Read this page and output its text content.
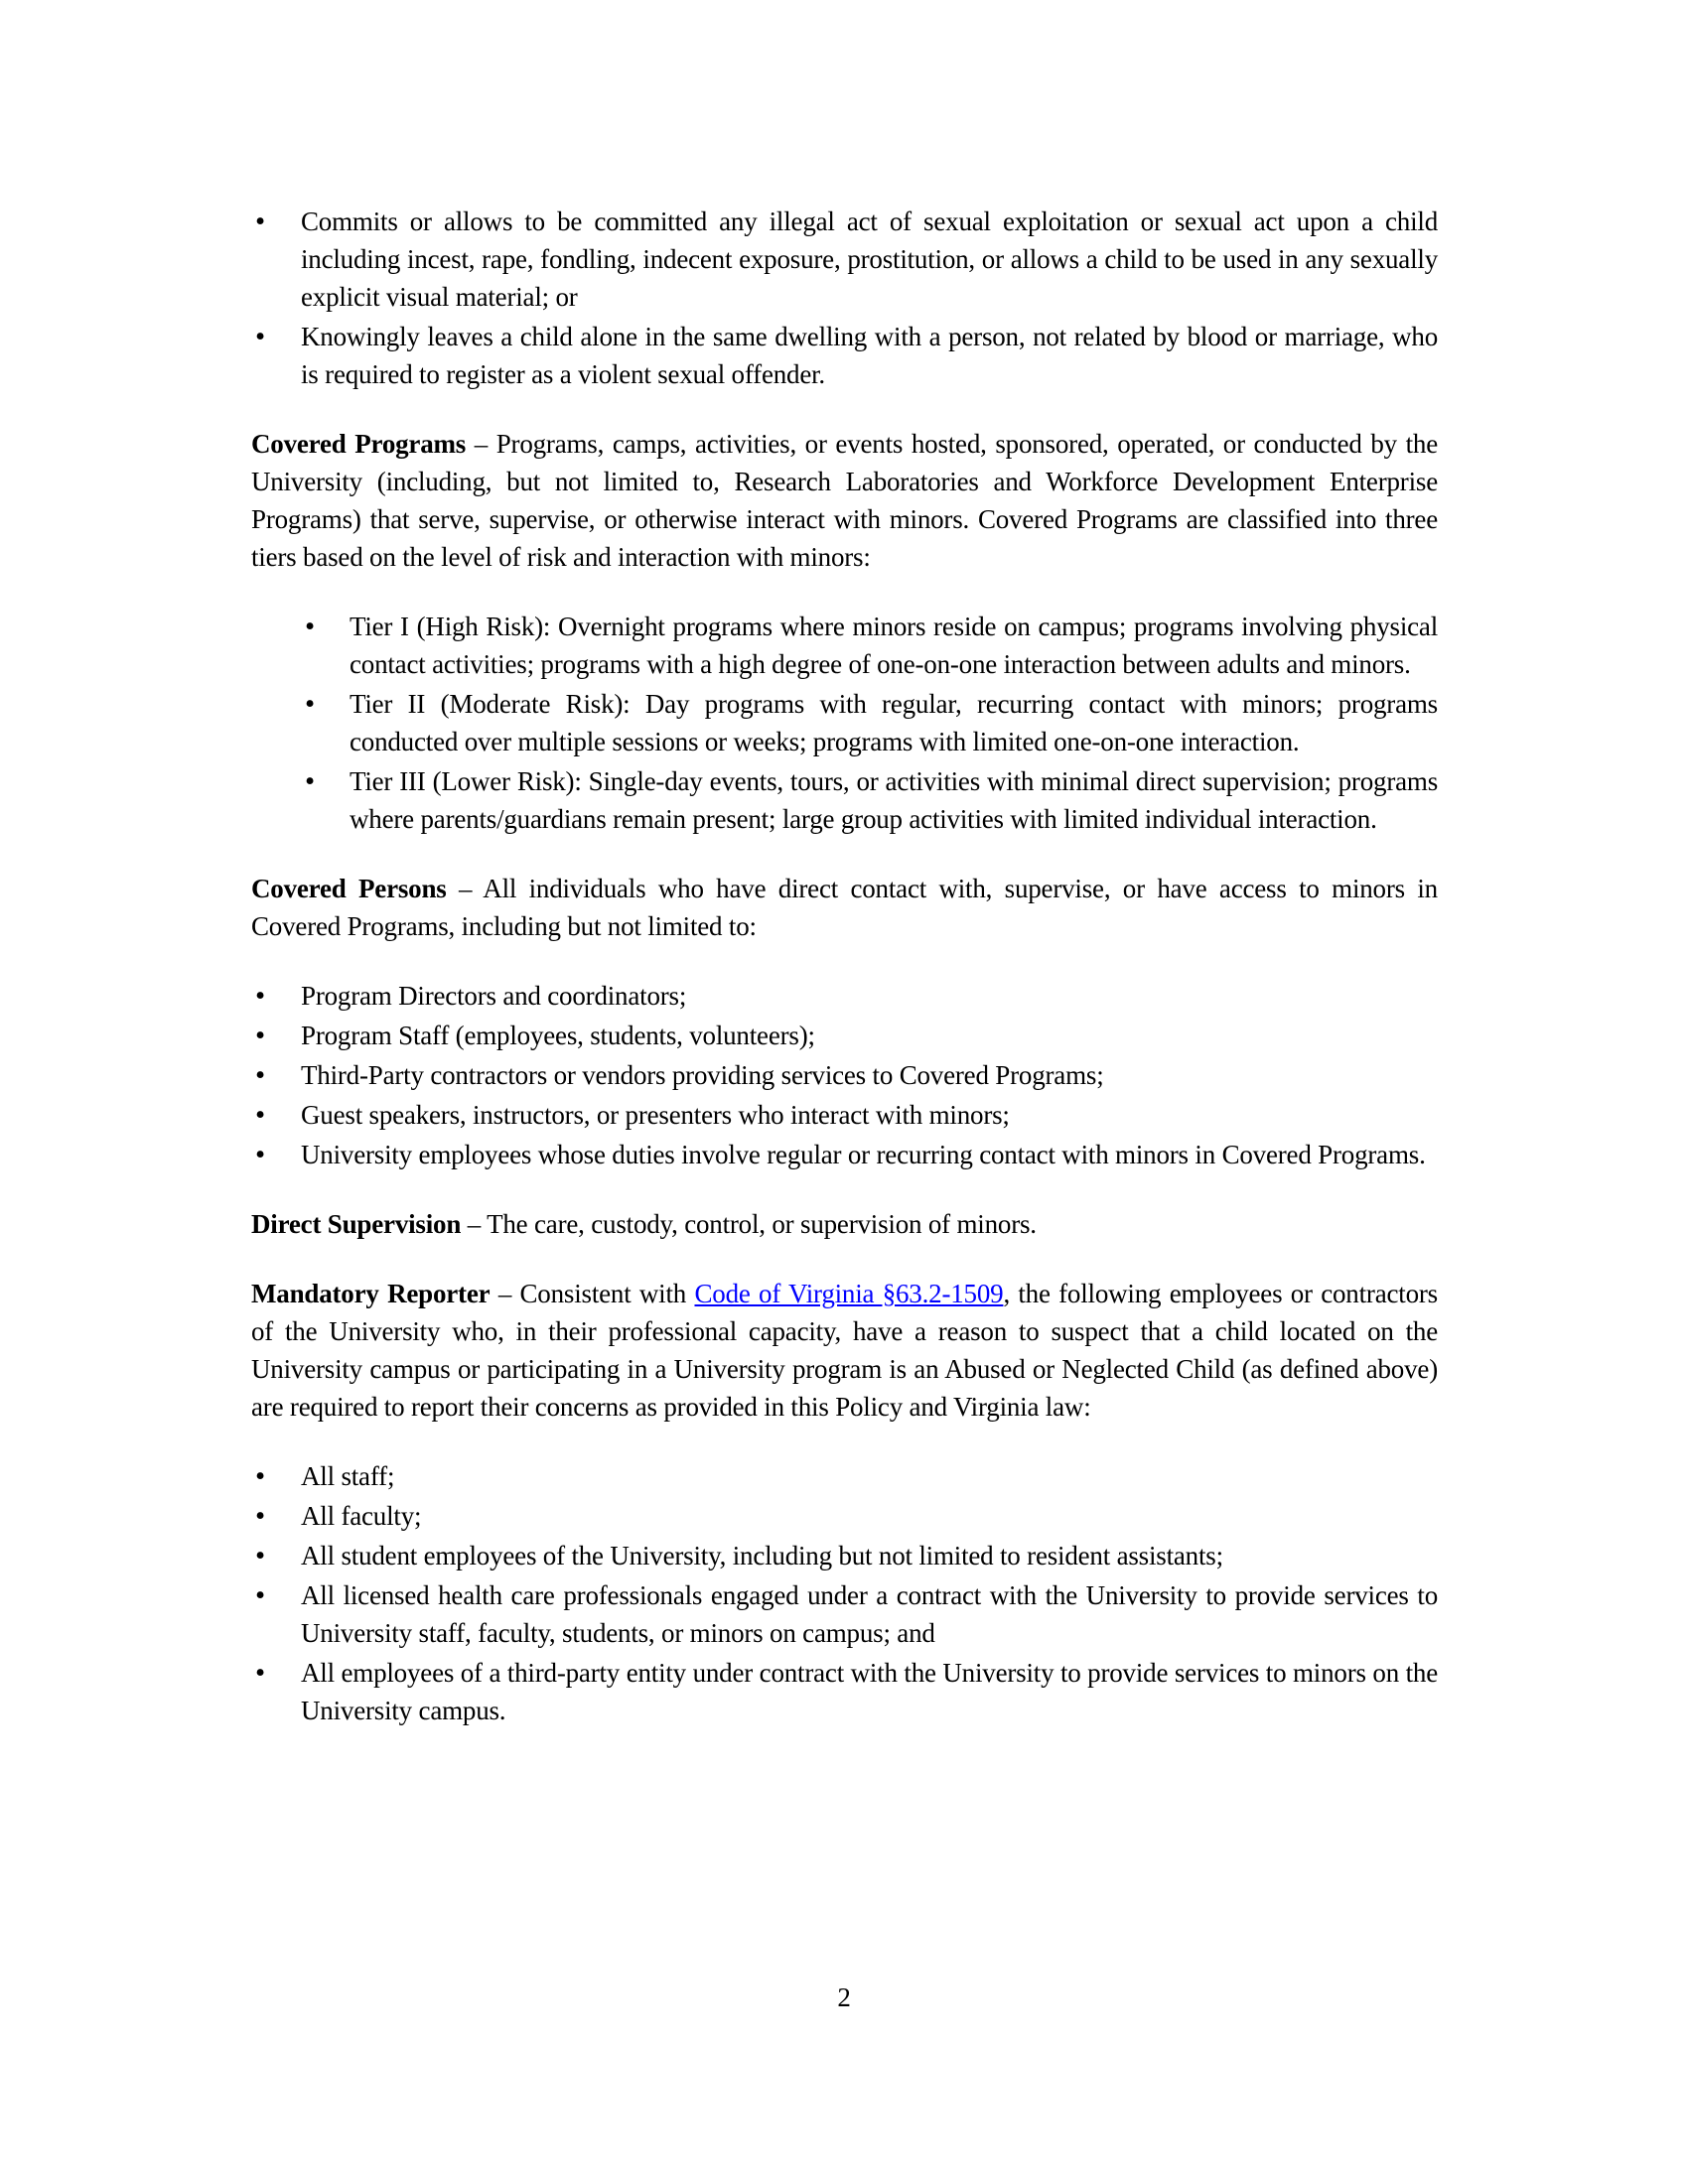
• Commits or allows to be committed any illegal act of sexual exploitation or sexual act upon a child including incest, rape, fondling, indecent exposure, prostitution, or allows a child to be used in any sexually explicit visual material; or
• Knowingly leaves a child alone in the same dwelling with a person, not related by blood or marriage, who is required to register as a violent sexual offender.

Covered Programs – Programs, camps, activities, or events hosted, sponsored, operated, or conducted by the University (including, but not limited to, Research Laboratories and Workforce Development Enterprise Programs) that serve, supervise, or otherwise interact with minors. Covered Programs are classified into three tiers based on the level of risk and interaction with minors:

• Tier I (High Risk): Overnight programs where minors reside on campus; programs involving physical contact activities; programs with a high degree of one-on-one interaction between adults and minors.
• Tier II (Moderate Risk): Day programs with regular, recurring contact with minors; programs conducted over multiple sessions or weeks; programs with limited one-on-one interaction.
• Tier III (Lower Risk): Single-day events, tours, or activities with minimal direct supervision; programs where parents/guardians remain present; large group activities with limited individual interaction.

Covered Persons – All individuals who have direct contact with, supervise, or have access to minors in Covered Programs, including but not limited to:

• Program Directors and coordinators;
• Program Staff (employees, students, volunteers);
• Third-Party contractors or vendors providing services to Covered Programs;
• Guest speakers, instructors, or presenters who interact with minors;
• University employees whose duties involve regular or recurring contact with minors in Covered Programs.

Direct Supervision – The care, custody, control, or supervision of minors.

Mandatory Reporter – Consistent with Code of Virginia §63.2-1509, the following employees or contractors of the University who, in their professional capacity, have a reason to suspect that a child located on the University campus or participating in a University program is an Abused or Neglected Child (as defined above) are required to report their concerns as provided in this Policy and Virginia law:

• All staff;
• All faculty;
• All student employees of the University, including but not limited to resident assistants;
• All licensed health care professionals engaged under a contract with the University to provide services to University staff, faculty, students, or minors on campus; and
• All employees of a third-party entity under contract with the University to provide services to minors on the University campus.
2
